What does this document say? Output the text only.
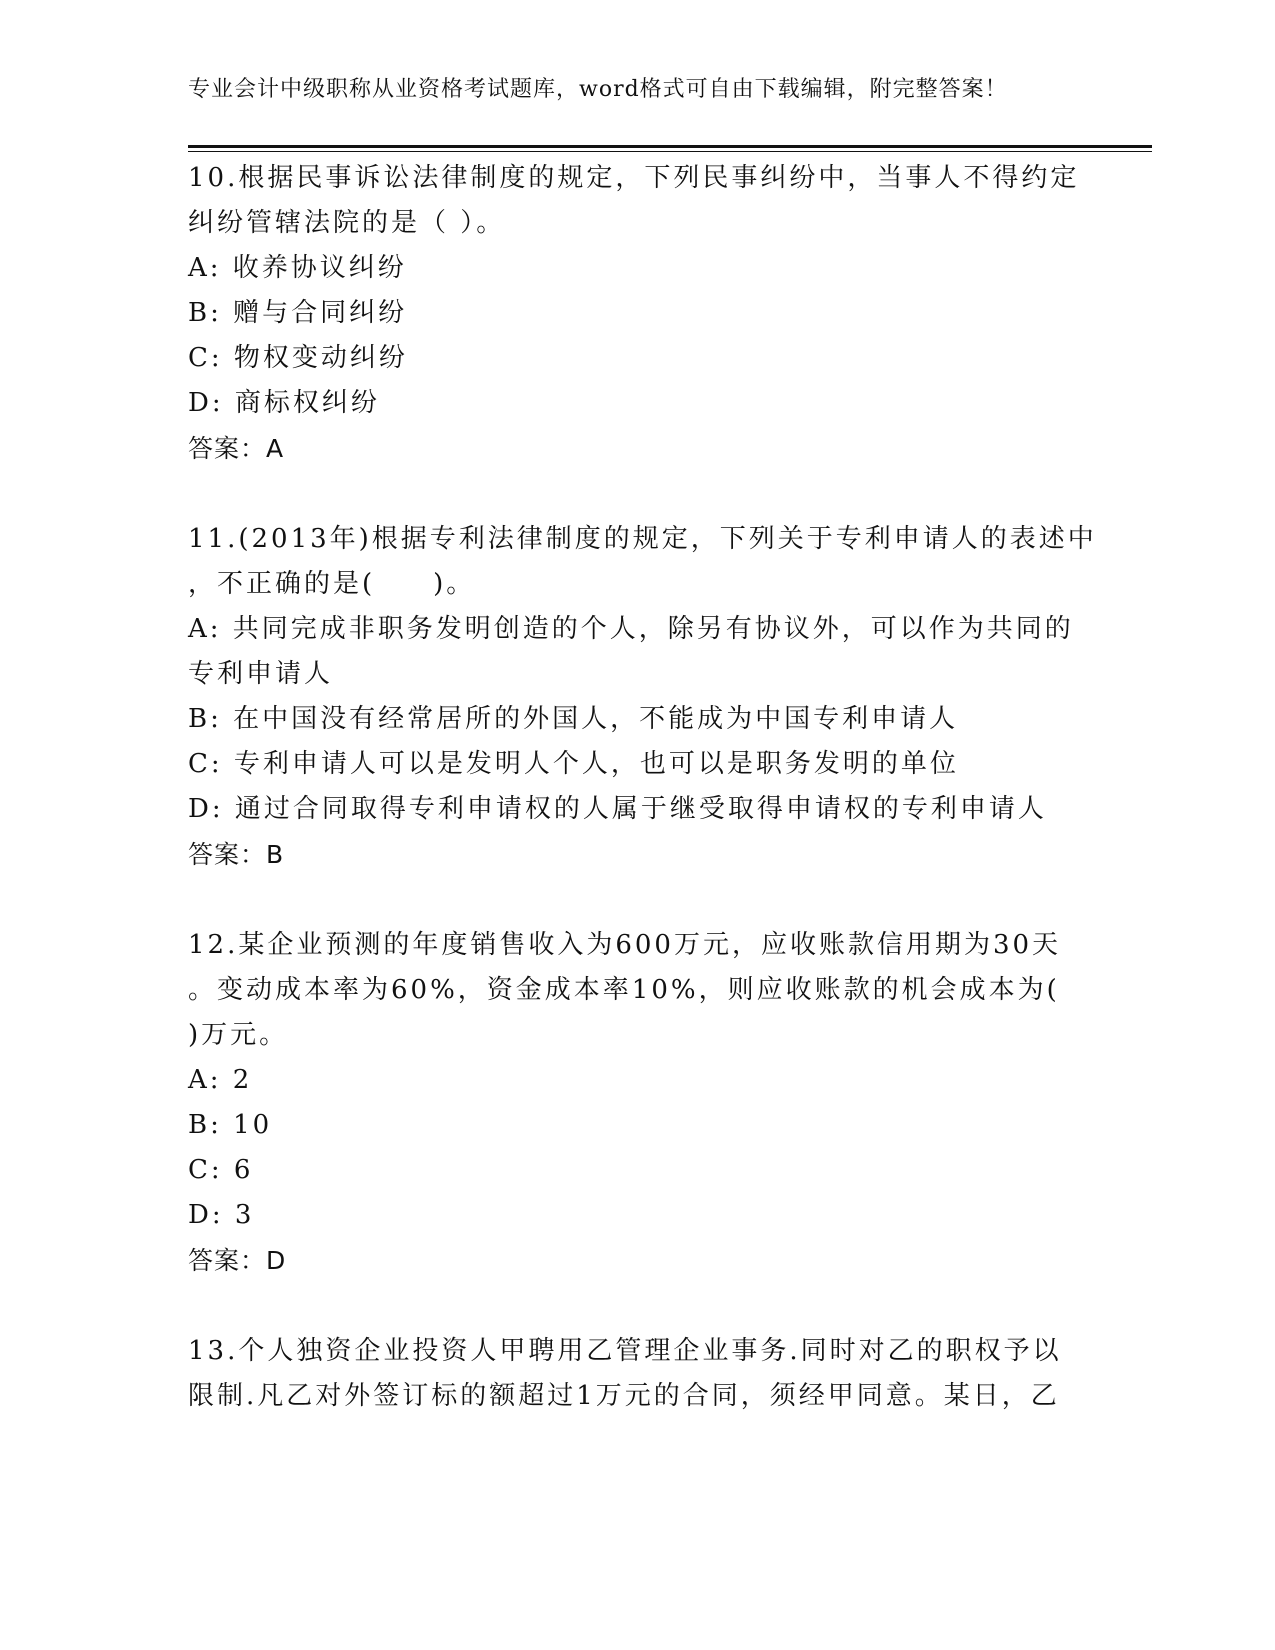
专业会计中级职称从业资格考试题库，word格式可自由下载编辑，附完整答案！
10.根据民事诉讼法律制度的规定，下列民事纠纷中，当事人不得约定
纠纷管辖法院的是（ ）。
A: 收养协议纠纷
B: 赠与合同纠纷
C: 物权变动纠纷
D: 商标权纠纷
答案：A
11.(2013年)根据专利法律制度的规定，下列关于专利申请人的表述中
，不正确的是(　　)。
A: 共同完成非职务发明创造的个人，除另有协议外，可以作为共同的
专利申请人
B: 在中国没有经常居所的外国人，不能成为中国专利申请人
C: 专利申请人可以是发明人个人，也可以是职务发明的单位
D: 通过合同取得专利申请权的人属于继受取得申请权的专利申请人
答案：B
12.某企业预测的年度销售收入为600万元，应收账款信用期为30天
。变动成本率为60%，资金成本率10%，则应收账款的机会成本为(
)万元。
A: 2
B: 10
C: 6
D: 3
答案：D
13.个人独资企业投资人甲聘用乙管理企业事务.同时对乙的职权予以
限制.凡乙对外签订标的额超过1万元的合同，须经甲同意。某日，乙
